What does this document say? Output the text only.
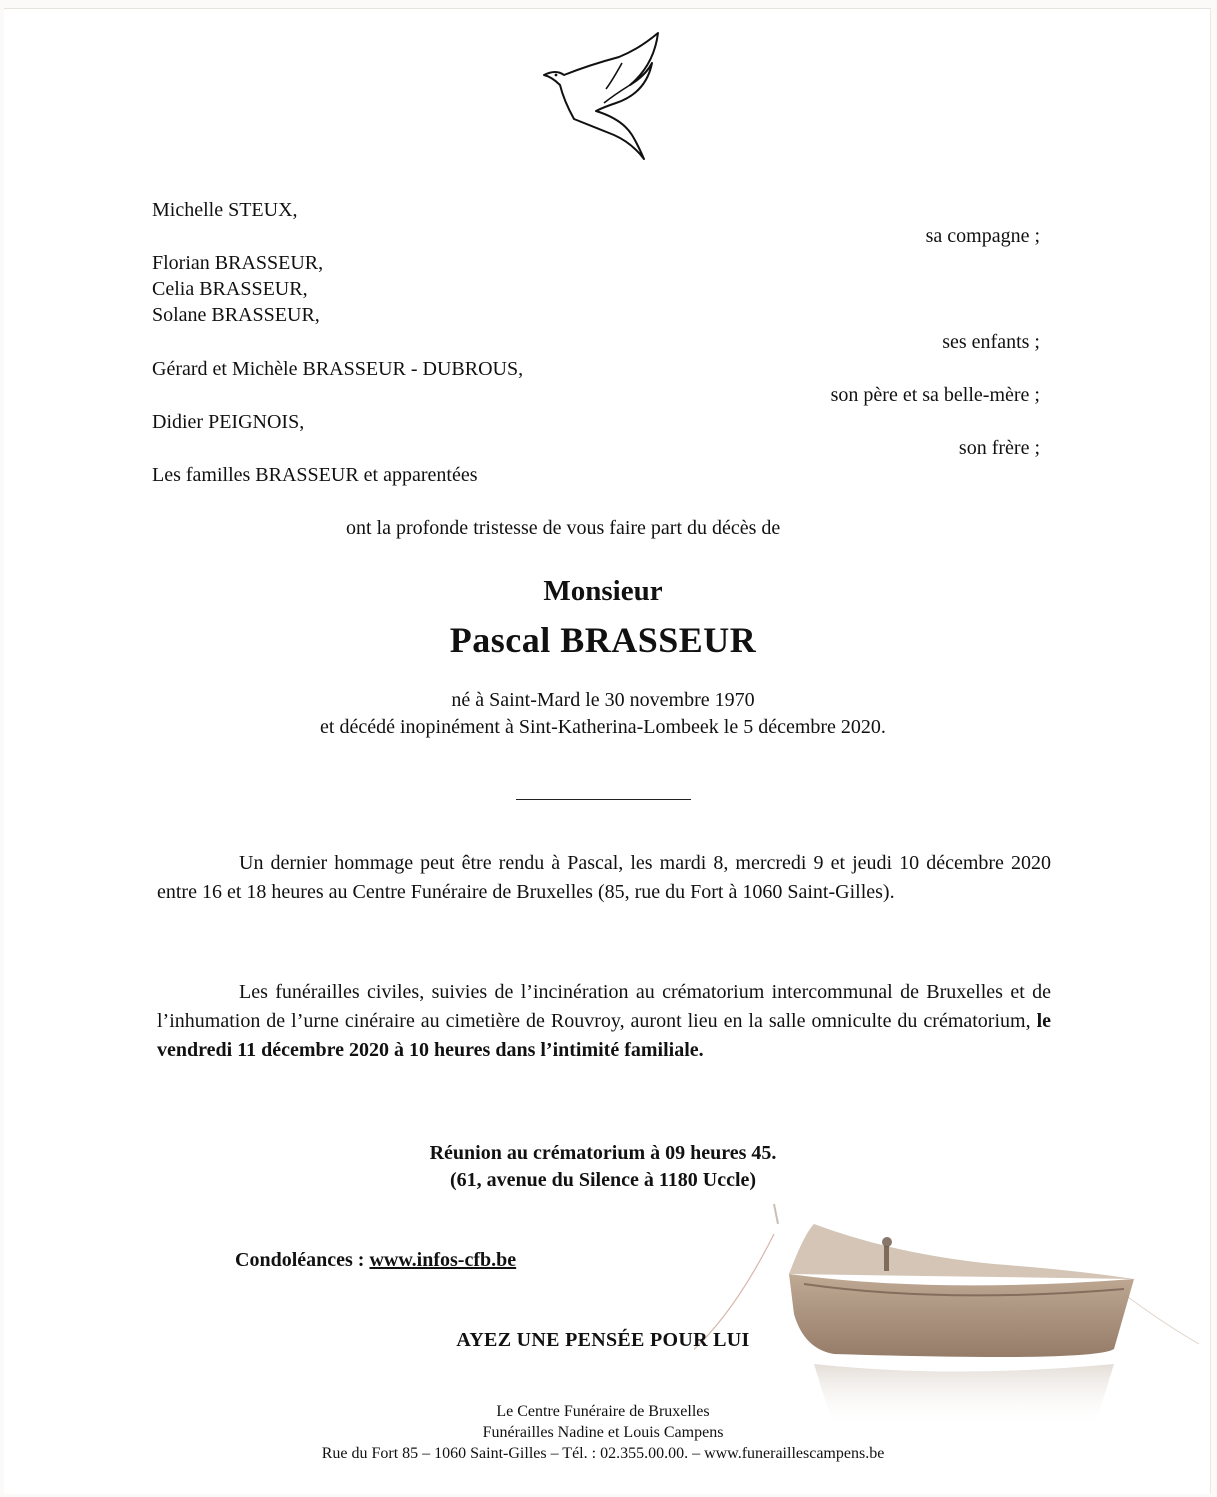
Michelle STEUX,
sa compagne ;
Florian BRASSEUR,
Celia BRASSEUR,
Solane BRASSEUR,
ses enfants ;
Gérard et Michèle BRASSEUR - DUBROUS,
son père et sa belle-mère ;
Didier PEIGNOIS,
son frère ;
Les familles BRASSEUR et apparentées
ont la profonde tristesse de vous faire part du décès de
Monsieur
Pascal BRASSEUR
né à Saint-Mard le 30 novembre 1970
et décédé inopinément à Sint-Katherina-Lombeek le 5 décembre 2020.
Un dernier hommage peut être rendu à Pascal, les mardi 8, mercredi 9 et jeudi 10 décembre 2020 entre 16 et 18 heures au Centre Funéraire de Bruxelles (85, rue du Fort à 1060 Saint-Gilles).
Les funérailles civiles, suivies de l’incinération au crématorium intercommunal de Bruxelles et de l’inhumation de l’urne cinéraire au cimetière de Rouvroy, auront lieu en la salle omniculte du crématorium, le vendredi 11 décembre 2020 à 10 heures dans l’intimité familiale.
Réunion au crématorium à 09 heures 45.
(61, avenue du Silence à 1180 Uccle)
Condoléances : www.infos-cfb.be
AYEZ UNE PENSÉE POUR LUI
Le Centre Funéraire de Bruxelles
Funérailles Nadine et Louis Campens
Rue du Fort 85 – 1060 Saint-Gilles – Tél. : 02.355.00.00. – www.funeraillescampens.be
